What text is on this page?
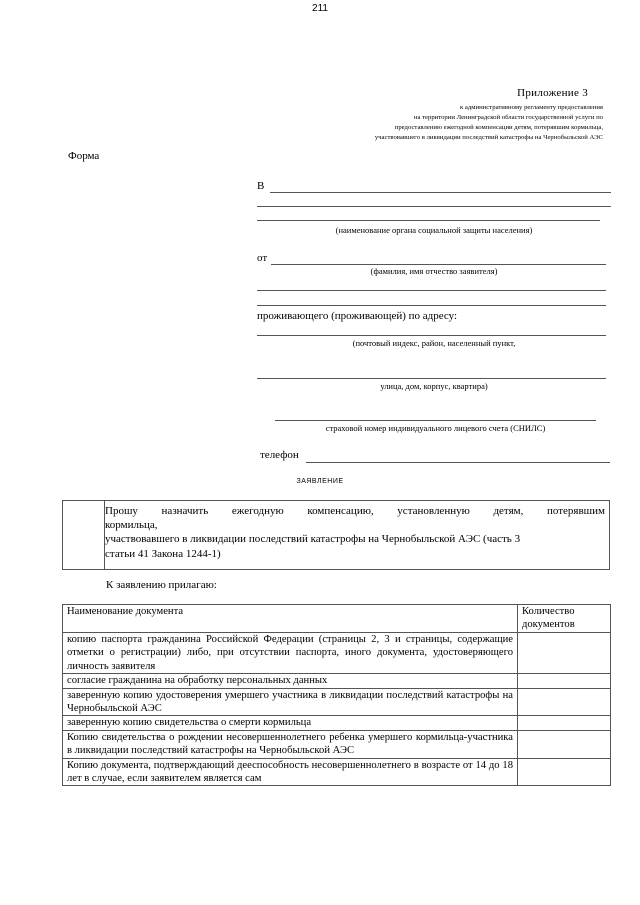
211
Приложение 3
к административному регламенту предоставления
на территории Ленинградской области государственной услуги по
предоставлению ежегодной компенсации детям, потерявшим кормильца,
участвовавшего в ликвидации последствий катастрофы на Чернобыльской АЭС
Форма
В
(наименование органа социальной защиты населения)
от
(фамилия, имя отчество заявителя)
проживающего (проживающей) по адресу:
(почтовый индекс, район, населенный пункт,
улица, дом, корпус, квартира)
страховой номер индивидуального лицевого счета (СНИЛС)
телефон
ЗАЯВЛЕНИЕ
Прошу назначить ежегодную компенсацию, установленную детям, потерявшим
кормильца,
участвовавшего в ликвидации последствий катастрофы на Чернобыльской АЭС (часть 3
статьи 41 Закона 1244-1)
К заявлению прилагаю:
Наименование документа	Количество документов
копию паспорта гражданина Российской Федерации (страницы 2, 3 и страницы, содержащие отметки о регистрации) либо, при отсутствии паспорта, иного документа, удостоверяющего личность заявителя	
согласие гражданина на обработку персональных данных	
заверенную копию удостоверения умершего участника в ликвидации последствий катастрофы на Чернобыльской АЭС	
заверенную копию свидетельства о смерти кормильца	
Копию свидетельства о рождении несовершеннолетнего ребенка умершего кормильца-участника в ликвидации последствий катастрофы на Чернобыльской АЭС	
Копию документа, подтверждающий дееспособность несовершеннолетнего в возрасте от 14 до 18 лет в случае, если заявителем является сам	
